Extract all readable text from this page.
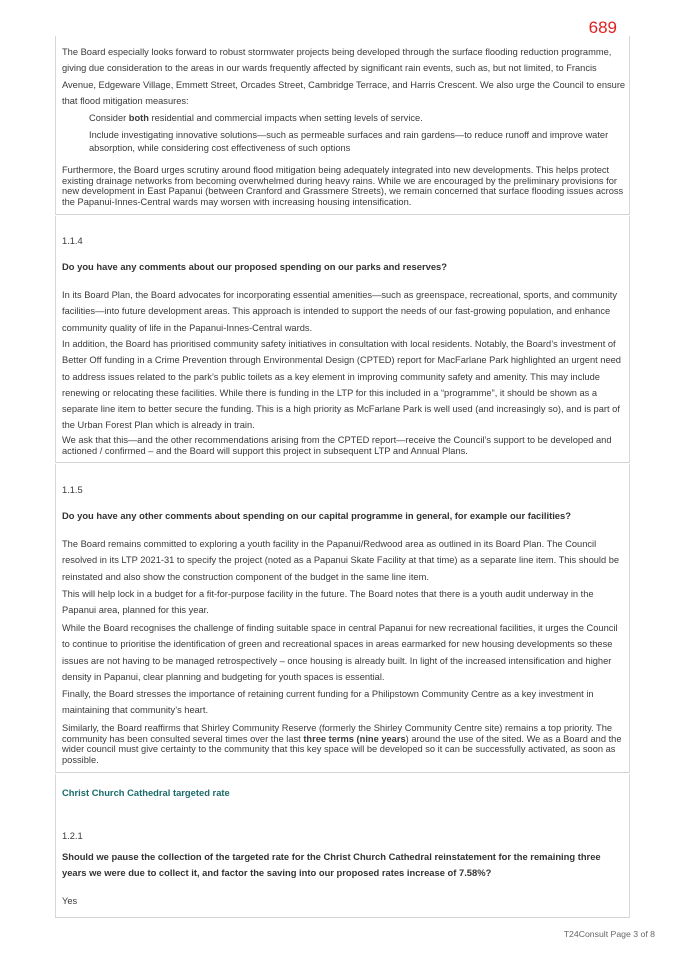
689

The Board especially looks forward to robust stormwater projects being developed through the surface flooding reduction programme, giving due consideration to the areas in our wards frequently affected by significant rain events, such as, but not limited, to Francis Avenue, Edgeware Village, Emmett Street, Orcades Street, Cambridge Terrace, and Harris Crescent. We also urge the Council to ensure that flood mitigation measures:

Consider both residential and commercial impacts when setting levels of service.

Include investigating innovative solutions—such as permeable surfaces and rain gardens—to reduce runoff and improve water absorption, while considering cost effectiveness of such options

Furthermore, the Board urges scrutiny around flood mitigation being adequately integrated into new developments. This helps protect existing drainage networks from becoming overwhelmed during heavy rains. While we are encouraged by the preliminary provisions for new development in East Papanui (between Cranford and Grassmere Streets), we remain concerned that surface flooding issues across the Papanui-Innes-Central wards may worsen with increasing housing intensification.

1.1.4
Do you have any comments about our proposed spending on our parks and reserves?

In its Board Plan, the Board advocates for incorporating essential amenities—such as greenspace, recreational, sports, and community facilities—into future development areas. This approach is intended to support the needs of our fast-growing population, and enhance community quality of life in the Papanui-Innes-Central wards.

In addition, the Board has prioritised community safety initiatives in consultation with local residents. Notably, the Board’s investment of Better Off funding in a Crime Prevention through Environmental Design (CPTED) report for MacFarlane Park highlighted an urgent need to address issues related to the park’s public toilets as a key element in improving community safety and amenity. This may include renewing or relocating these facilities. While there is funding in the LTP for this included in a “programme”, it should be shown as a separate line item to better secure the funding. This is a high priority as McFarlane Park is well used (and increasingly so), and is part of the Urban Forest Plan which is already in train.

We ask that this—and the other recommendations arising from the CPTED report—receive the Council’s support to be developed and actioned / confirmed – and the Board will support this project in subsequent LTP and Annual Plans.

1.1.5
Do you have any other comments about spending on our capital programme in general, for example our facilities?

The Board remains committed to exploring a youth facility in the Papanui/Redwood area as outlined in its Board Plan. The Council resolved in its LTP 2021-31 to specify the project (noted as a Papanui Skate Facility at that time) as a separate line item. This should be reinstated and also show the construction component of the budget in the same line item.

This will help lock in a budget for a fit-for-purpose facility in the future. The Board notes that there is a youth audit underway in the Papanui area, planned for this year.

While the Board recognises the challenge of finding suitable space in central Papanui for new recreational facilities, it urges the Council to continue to prioritise the identification of green and recreational spaces in areas earmarked for new housing developments so these issues are not having to be managed retrospectively – once housing is already built. In light of the increased intensification and higher density in Papanui, clear planning and budgeting for youth spaces is essential.

Finally, the Board stresses the importance of retaining current funding for a Philipstown Community Centre as a key investment in maintaining that community’s heart.

Similarly, the Board reaffirms that Shirley Community Reserve (formerly the Shirley Community Centre site) remains a top priority. The community has been consulted several times over the last three terms (nine years) around the use of the sited. We as a Board and the wider council must give certainty to the community that this key space will be developed so it can be successfully activated, as soon as possible.

Christ Church Cathedral targeted rate
1.2.1
Should we pause the collection of the targeted rate for the Christ Church Cathedral reinstatement for the remaining three years we were due to collect it, and factor the saving into our proposed rates increase of 7.58%?
Yes
T24Consult Page 3 of 8
